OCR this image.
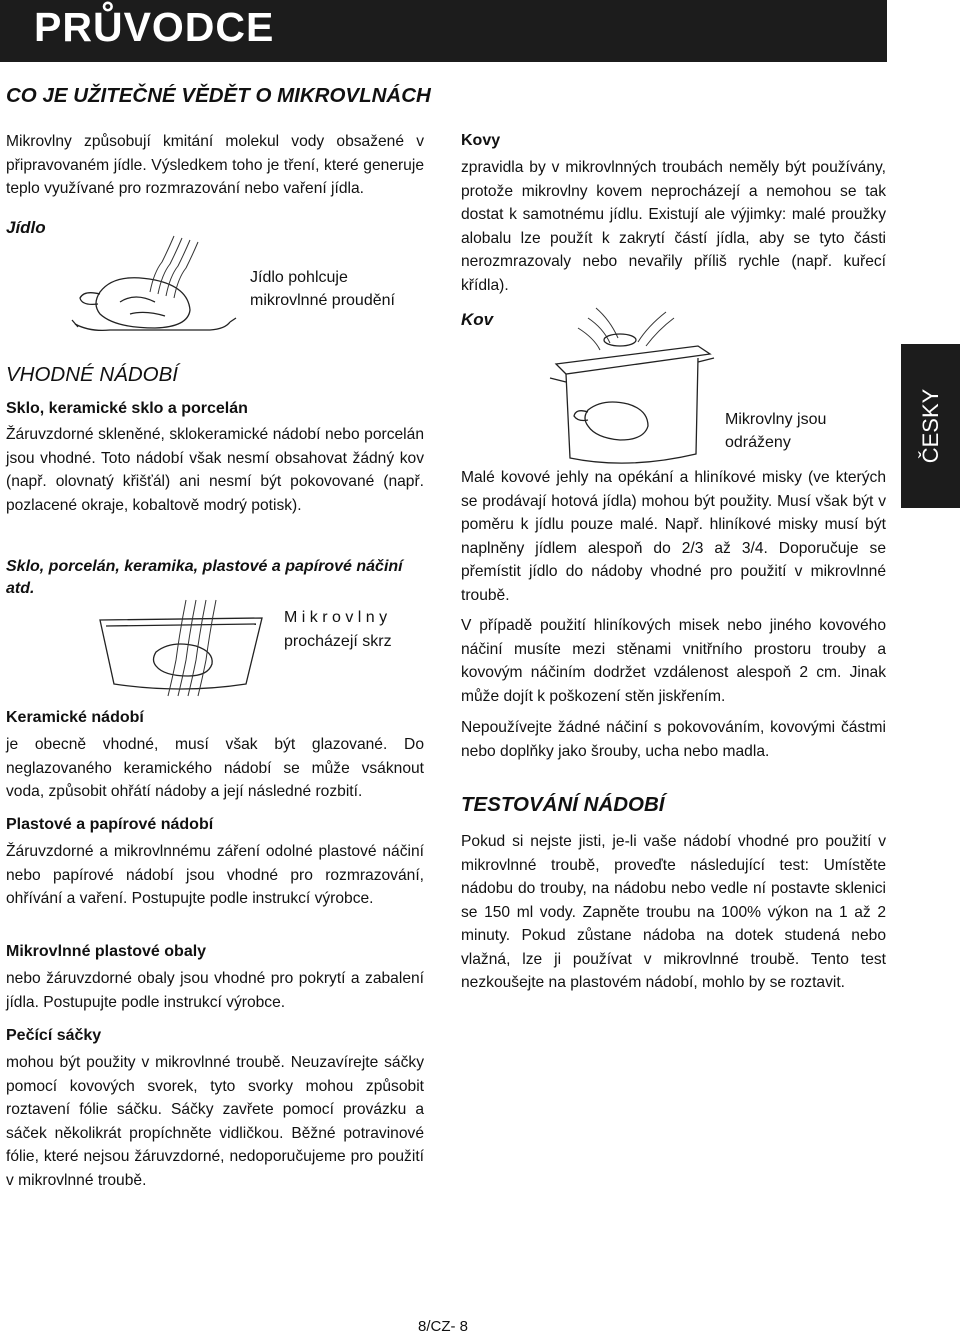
PRŮVODCE
CO JE UŽITEČNÉ VĚDĚT O MIKROVLNÁCH
Mikrovlny způsobují kmitání molekul vody obsažené v připravovaném jídle. Výsledkem toho je tření, které generuje teplo využívané pro rozmrazování nebo vaření jídla.
Jídlo
Jídlo pohlcuje
mikrovlnné proudění
Kovy
zpravidla by v mikrovlnných troubách neměly být používány, protože mikrovlny kovem neprocházejí a nemohou se tak dostat k samotnému jídlu. Existují ale výjimky: malé proužky alobalu lze použít k zakrytí částí jídla, aby se tyto části nerozmrazovaly nebo nevařily příliš rychle (např. kuřecí křídla).
Kov
Mikrovlny jsou
odráženy
Malé kovové jehly na opékání a hliníkové misky (ve kterých se prodávají hotová jídla) mohou být použity. Musí však být v poměru k jídlu pouze malé. Např. hliníkové misky musí být naplněny jídlem alespoň do 2/3 až 3/4. Doporučuje se přemístit jídlo do nádoby vhodné pro použití v mikrovlnné troubě.
V případě použití hliníkových misek nebo jiného kovového náčiní musíte mezi stěnami vnitřního prostoru trouby a kovovým náčiním dodržet vzdálenost alespoň 2 cm. Jinak může dojít k poškození stěn jiskřením.
Nepoužívejte žádné náčiní s pokovováním, kovovými částmi nebo doplňky jako šrouby, ucha nebo madla.
VHODNÉ NÁDOBÍ
Sklo, keramické sklo a porcelán
Žáruvzdorné skleněné, sklokeramické nádobí nebo porcelán jsou vhodné. Toto nádobí však nesmí obsahovat žádný kov (např. olovnatý křišťál) ani nesmí být pokovované (např. pozlacené okraje, kobaltově modrý potisk).
Sklo, porcelán, keramika, plastové a papírové náčiní atd.
M i k r o v l n y
procházejí skrz
Keramické nádobí
je obecně vhodné, musí však být glazované. Do neglazovaného keramického nádobí se může vsáknout voda, způsobit ohřátí nádoby a její následné rozbití.
Plastové a papírové nádobí
Žáruvzdorné a mikrovlnnému záření odolné plastové náčiní nebo papírové nádobí jsou vhodné pro rozmrazování, ohřívání a vaření. Postupujte podle instrukcí výrobce.
Mikrovlnné plastové obaly
nebo žáruvzdorné obaly jsou vhodné pro pokrytí a zabalení jídla. Postupujte podle instrukcí výrobce.
Pečící sáčky
mohou být použity v mikrovlnné troubě. Neuzavírejte sáčky pomocí kovových svorek, tyto svorky mohou způsobit roztavení fólie sáčku. Sáčky zavřete pomocí provázku a sáček několikrát propíchněte vidličkou. Běžné potravinové fólie, které nejsou žáruvzdorné, nedoporučujeme pro použití v mikrovlnné troubě.
TESTOVÁNÍ NÁDOBÍ
Pokud si nejste jisti, je-li vaše nádobí vhodné pro použití v mikrovlnné troubě, proveďte následující test: Umístěte nádobu do trouby, na nádobu nebo vedle ní postavte sklenici se 150 ml vody. Zapněte troubu na 100% výkon na 1 až 2 minuty. Pokud zůstane nádoba na dotek studená nebo vlažná, lze ji používat v mikrovlnné troubě. Tento test nezkoušejte na plastovém nádobí, mohlo by se roztavit.
ČESKY
8/CZ- 8
